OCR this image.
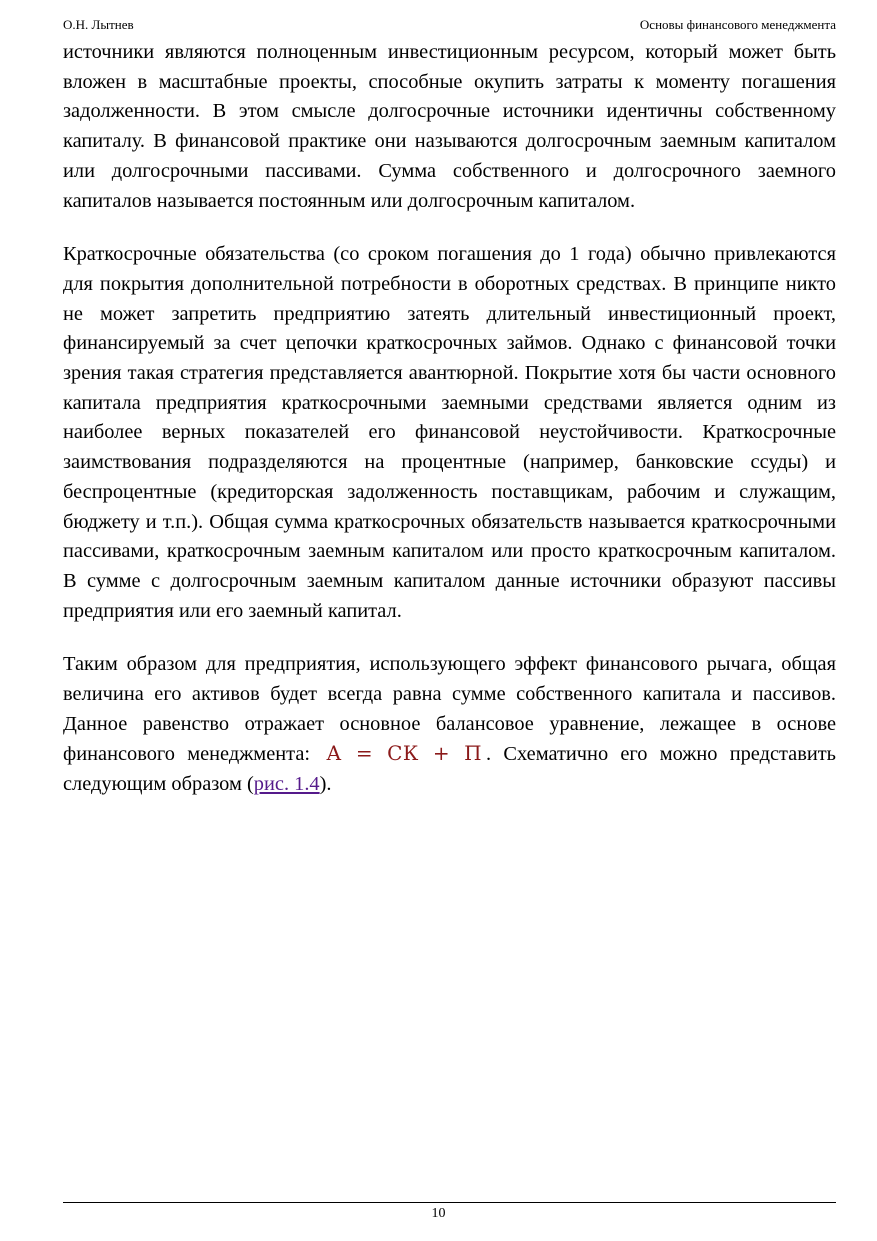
О.Н. Лытнев	Основы финансового менеджмента

источники являются полноценным инвестиционным ресурсом, который может быть вложен в масштабные проекты, способные окупить затраты к моменту погашения задолженности. В этом смысле долгосрочные источники идентичны собственному капиталу. В финансовой практике они называются долгосрочным заемным капиталом или долгосрочными пассивами. Сумма собственного и долгосрочного заемного капиталов называется постоянным или долгосрочным капиталом.

Краткосрочные обязательства (со сроком погашения до 1 года) обычно привлекаются для покрытия дополнительной потребности в оборотных средствах. В принципе никто не может запретить предприятию затеять длительный инвестиционный проект, финансируемый за счет цепочки краткосрочных займов. Однако с финансовой точки зрения такая стратегия представляется авантюрной. Покрытие хотя бы части основного капитала предприятия краткосрочными заемными средствами является одним из наиболее верных показателей его финансовой неустойчивости. Краткосрочные заимствования подразделяются на процентные (например, банковские ссуды) и беспроцентные (кредиторская задолженность поставщикам, рабочим и служащим, бюджету и т.п.). Общая сумма краткосрочных обязательств называется краткосрочными пассивами, краткосрочным заемным капиталом или просто краткосрочным капиталом. В сумме с долгосрочным заемным капиталом данные источники образуют пассивы предприятия или его заемный капитал.

Таким образом для предприятия, использующего эффект финансового рычага, общая величина его активов будет всегда равна сумме собственного капитала и пассивов. Данное равенство отражает основное балансовое уравнение, лежащее в основе финансового менеджмента: А = СК + П . Схематично его можно представить следующим образом (рис. 1.4).

10
